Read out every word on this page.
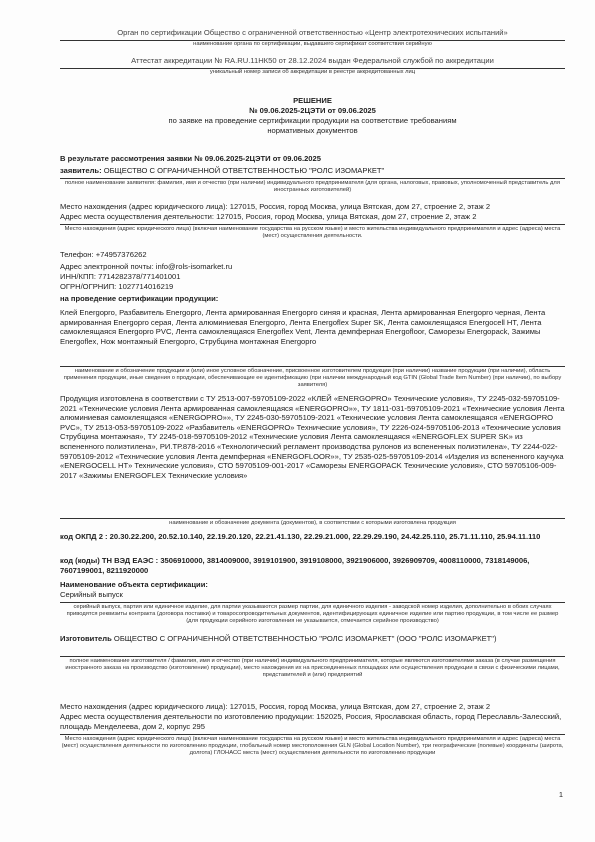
Орган по сертификации Общество с ограниченной ответственностью «Центр электротехнических испытаний»
наименование органа по сертификации, выдавшего сертификат соответствия серийную
Аттестат аккредитации № RA.RU.11НК50 от 28.12.2024 выдан Федеральной службой по аккредитации
уникальный номер записи об аккредитации в реестре аккредитованных лиц
РЕШЕНИЕ
№ 09.06.2025-2ЦЭТИ от 09.06.2025
по заявке на проведение сертификации продукции на соответствие требованиям
нормативных документов
В результате рассмотрения заявки № 09.06.2025-2ЦЭТИ от 09.06.2025
заявитель: ОБЩЕСТВО С ОГРАНИЧЕННОЙ ОТВЕТСТВЕННОСТЬЮ "РОЛС ИЗОМАРКЕТ"
полное наименование заявителя: фамилия, имя и отчество (при наличии) индивидуального предпринимателя (для органа, налоговых, правовых, уполномоченный представитель для иностранных изготовителей)
Место нахождения (адрес юридического лица): 127015, Россия, город Москва, улица Вятская, дом 27, строение 2, этаж 2
Адрес места осуществления деятельности: 127015, Россия, город Москва, улица Вятская, дом 27, строение 2, этаж 2
Место нахождения (адрес юридического лица) (включая наименование государства на русском языке) и место жительства индивидуального предпринимателя и адрес (адреса) места (мест) осуществления деятельности.
Телефон: +74957376262
Адрес электронной почты: info@rols-isomarket.ru
ИНН/КПП: 7714282378/771401001
ОГРН/ОГРНИП: 1027714016219
на проведение сертификации продукции:
Клей Energopro, Разбавитель Energopro, Лента армированная Energopro синяя и красная, Лента армированная Energopro черная, Лента армированная Energopro серая, Лента алюминиевая Energopro, Лента Energoflex Super SK, Лента самоклеящаяся Energocell HT, Лента самоклеящаяся Energopro PVC, Лента самоклеящаяся Energoflex Vent, Лента демпферная Energofloor, Саморезы Energopack, Зажимы Energoflex, Нож монтажный Energopro, Струбцина монтажная Energopro
наименование и обозначение продукции и (или) иное условное обозначение, присвоенное изготовителем продукции (при наличии) название продукции (при наличии), область применения продукции, иные сведения о продукции, обеспечивающие ее идентификацию (при наличии международный код GTIN (Global Trade Item Number) (при наличии), по выбору заявителя)
Продукция изготовлена в соответствии с ТУ 2513-007-59705109-2022 «КЛЕЙ «ENERGOPRO» Технические условия», ТУ 2245-032-59705109-2021 «Технические условия Лента армированная самоклеящаяся «ENERGOPRO»», ТУ 1811-031-59705109-2021 «Технические условия Лента алюминиевая самоклеящаяся «ENERGOPRO»», ТУ 2245-030-59705109-2021 «Технические условия Лента самоклеящаяся «ENERGOPRO PVC», ТУ 2513-053-59705109-2022 «Разбавитель «ENERGOPRO» Технические условия», ТУ 2226-024-59705106-2013 «Технические условия Струбцина монтажная», ТУ 2245-018-59705109-2012 «Технические условия Лента самоклеящаяся «ENERGOFLEX SUPER SK» из вспененного полиэтилена», РИ.ТР.878-2016 «Технологический регламент производства рулонов из вспененных полиэтилена», ТУ 2244-022-59705109-2012 «Технические условия Лента демпферная «ENERGOFLOOR»», ТУ 2535-025-59705109-2014 «Изделия из вспененного каучука «ENERGOCELL HT» Технические условия», СТО 59705109-001-2017 «Саморезы ENERGOPACK Технические условия», СТО 59705106-009-2017 «Зажимы ENERGOFLEX Технические условия»
наименование и обозначение документа (документов), в соответствии с которыми изготовлена продукция
код ОКПД 2 : 20.30.22.200, 20.52.10.140, 22.19.20.120, 22.21.41.130, 22.29.21.000, 22.29.29.190, 24.42.25.110, 25.71.11.110, 25.94.11.110
код (коды) ТН ВЭД ЕАЭС : 3506910000, 3814009000, 3919101900, 3919108000, 3921906000, 3926909709, 4008110000, 7318149006, 7607199001, 8211920000
Наименование объекта сертификации:
Серийный выпуск
серийный выпуск, партия или единичное изделие, для партии указываются размер партии, для единичного изделия - заводской номер изделия, дополнительно в обоих случаях приводятся реквизиты контракта (договора поставки) и товаросопроводительных документов, идентифицирующих единичное изделие или партию продукции, в том числе ее размер (для продукции серийного изготовления не указывается, отмечается серийное производство)
Изготовитель ОБЩЕСТВО С ОГРАНИЧЕННОЙ ОТВЕТСТВЕННОСТЬЮ "РОЛС ИЗОМАРКЕТ" (ООО "РОЛС ИЗОМАРКЕТ")
полное наименование изготовителя / фамилия, имя и отчество (при наличии) индивидуального предпринимателя, которые являются изготовителями заказа (в случае размещения иностранного заказа на производство (изготовление) продукции), место нахождения их на присоединенных площадках или осуществления продукции в связи с физическими лицами, представителей и (или) предприятий
Место нахождения (адрес юридического лица): 127015, Россия, город Москва, улица Вятская, дом 27, строение 2, этаж 2
Адрес места осуществления деятельности по изготовлению продукции: 152025, Россия, Ярославская область, город Переславль-Залесский, площадь Менделеева, дом 2, корпус 295
Место нахождения (адрес юридического лица) (включая наименование государства на русском языке) и место жительства индивидуального предпринимателя и адрес (адреса) места (мест) осуществления деятельности по изготовлению продукции, глобальный номер местоположения GLN (Global Location Number), три географические (полевые) координаты (широта, долгота) ГЛОНАСС места (мест) осуществления деятельности по изготовлению продукции
1
